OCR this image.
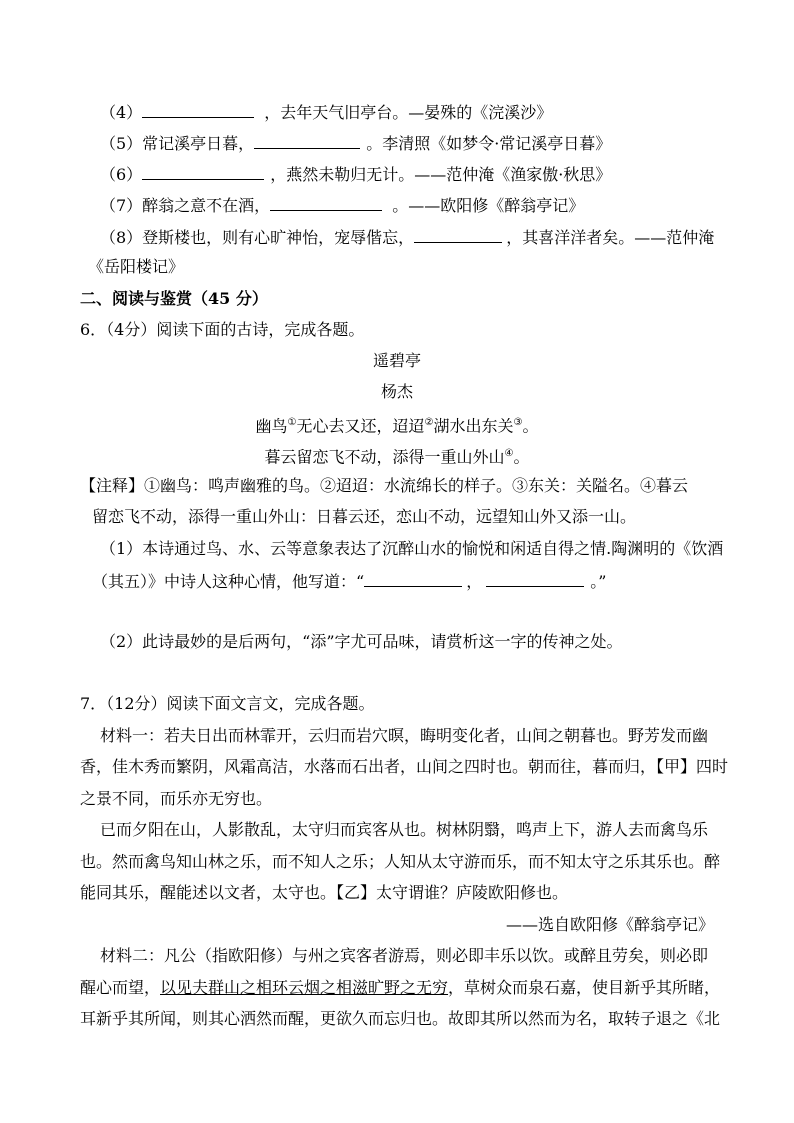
（4）	，去年天气旧亭台。—晏殊的《浣溪沙》
（5）常记溪亭日暮，	。李清照《如梦令·常记溪亭日暮》
（6）	，燕然未勒归无计。——范仲淹《渔家傲·秋思》
（7）醉翁之意不在酒，	。——欧阳修《醉翁亭记》
（8）登斯楼也，则有心旷神怡，宠辱偕忘，	，其喜洋洋者矣。——范仲淹
《岳阳楼记》
二、阅读与鉴赏（45 分）
6．（4分）阅读下面的古诗，完成各题。
遥碧亭
杨杰
幽鸟①无心去又还，迢迢②湖水出东关③。
暮云留恋飞不动，添得一重山外山④。
【注释】①幽鸟：鸣声幽雅的鸟。②迢迢：水流绵长的样子。③东关：关隘名。④暮云
留恋飞不动，添得一重山外山：日暮云还，恋山不动，远望知山外又添一山。
（1）本诗通过鸟、水、云等意象表达了沉醉山水的愉悦和闲适自得之情.陶渊明的《饮酒
（其五）》中诗人这种心情，他写道：“	，	。”
（2）此诗最妙的是后两句，“添”字尤可品味，请赏析这一字的传神之处。
7．（12分）阅读下面文言文，完成各题。
材料一：若夫日出而林霏开，云归而岩穴暝，晦明变化者，山间之朝暮也。野芳发而幽
香，佳木秀而繁阴，风霜高洁，水落而石出者，山间之四时也。朝而往，暮而归，【甲】四时
之景不同，而乐亦无穷也。
已而夕阳在山，人影散乱，太守归而宾客从也。树林阴翳，鸣声上下，游人去而禽鸟乐
也。然而禽鸟知山林之乐，而不知人之乐；人知从太守游而乐，而不知太守之乐其乐也。醉
能同其乐，醒能述以文者，太守也。【乙】太守谓谁？庐陵欧阳修也。
——选自欧阳修《醉翁亭记》
材料二：凡公（指欧阳修）与州之宾客者游焉，则必即丰乐以饮。或醉且劳矣，则必即
醒心而望，以见夫群山之相环云烟之相滋旷野之无穷，草树众而泉石嘉，使目新乎其所睹，
耳新乎其所闻，则其心洒然而醒，更欲久而忘归也。故即其所以然而为名，取转子退之《北
